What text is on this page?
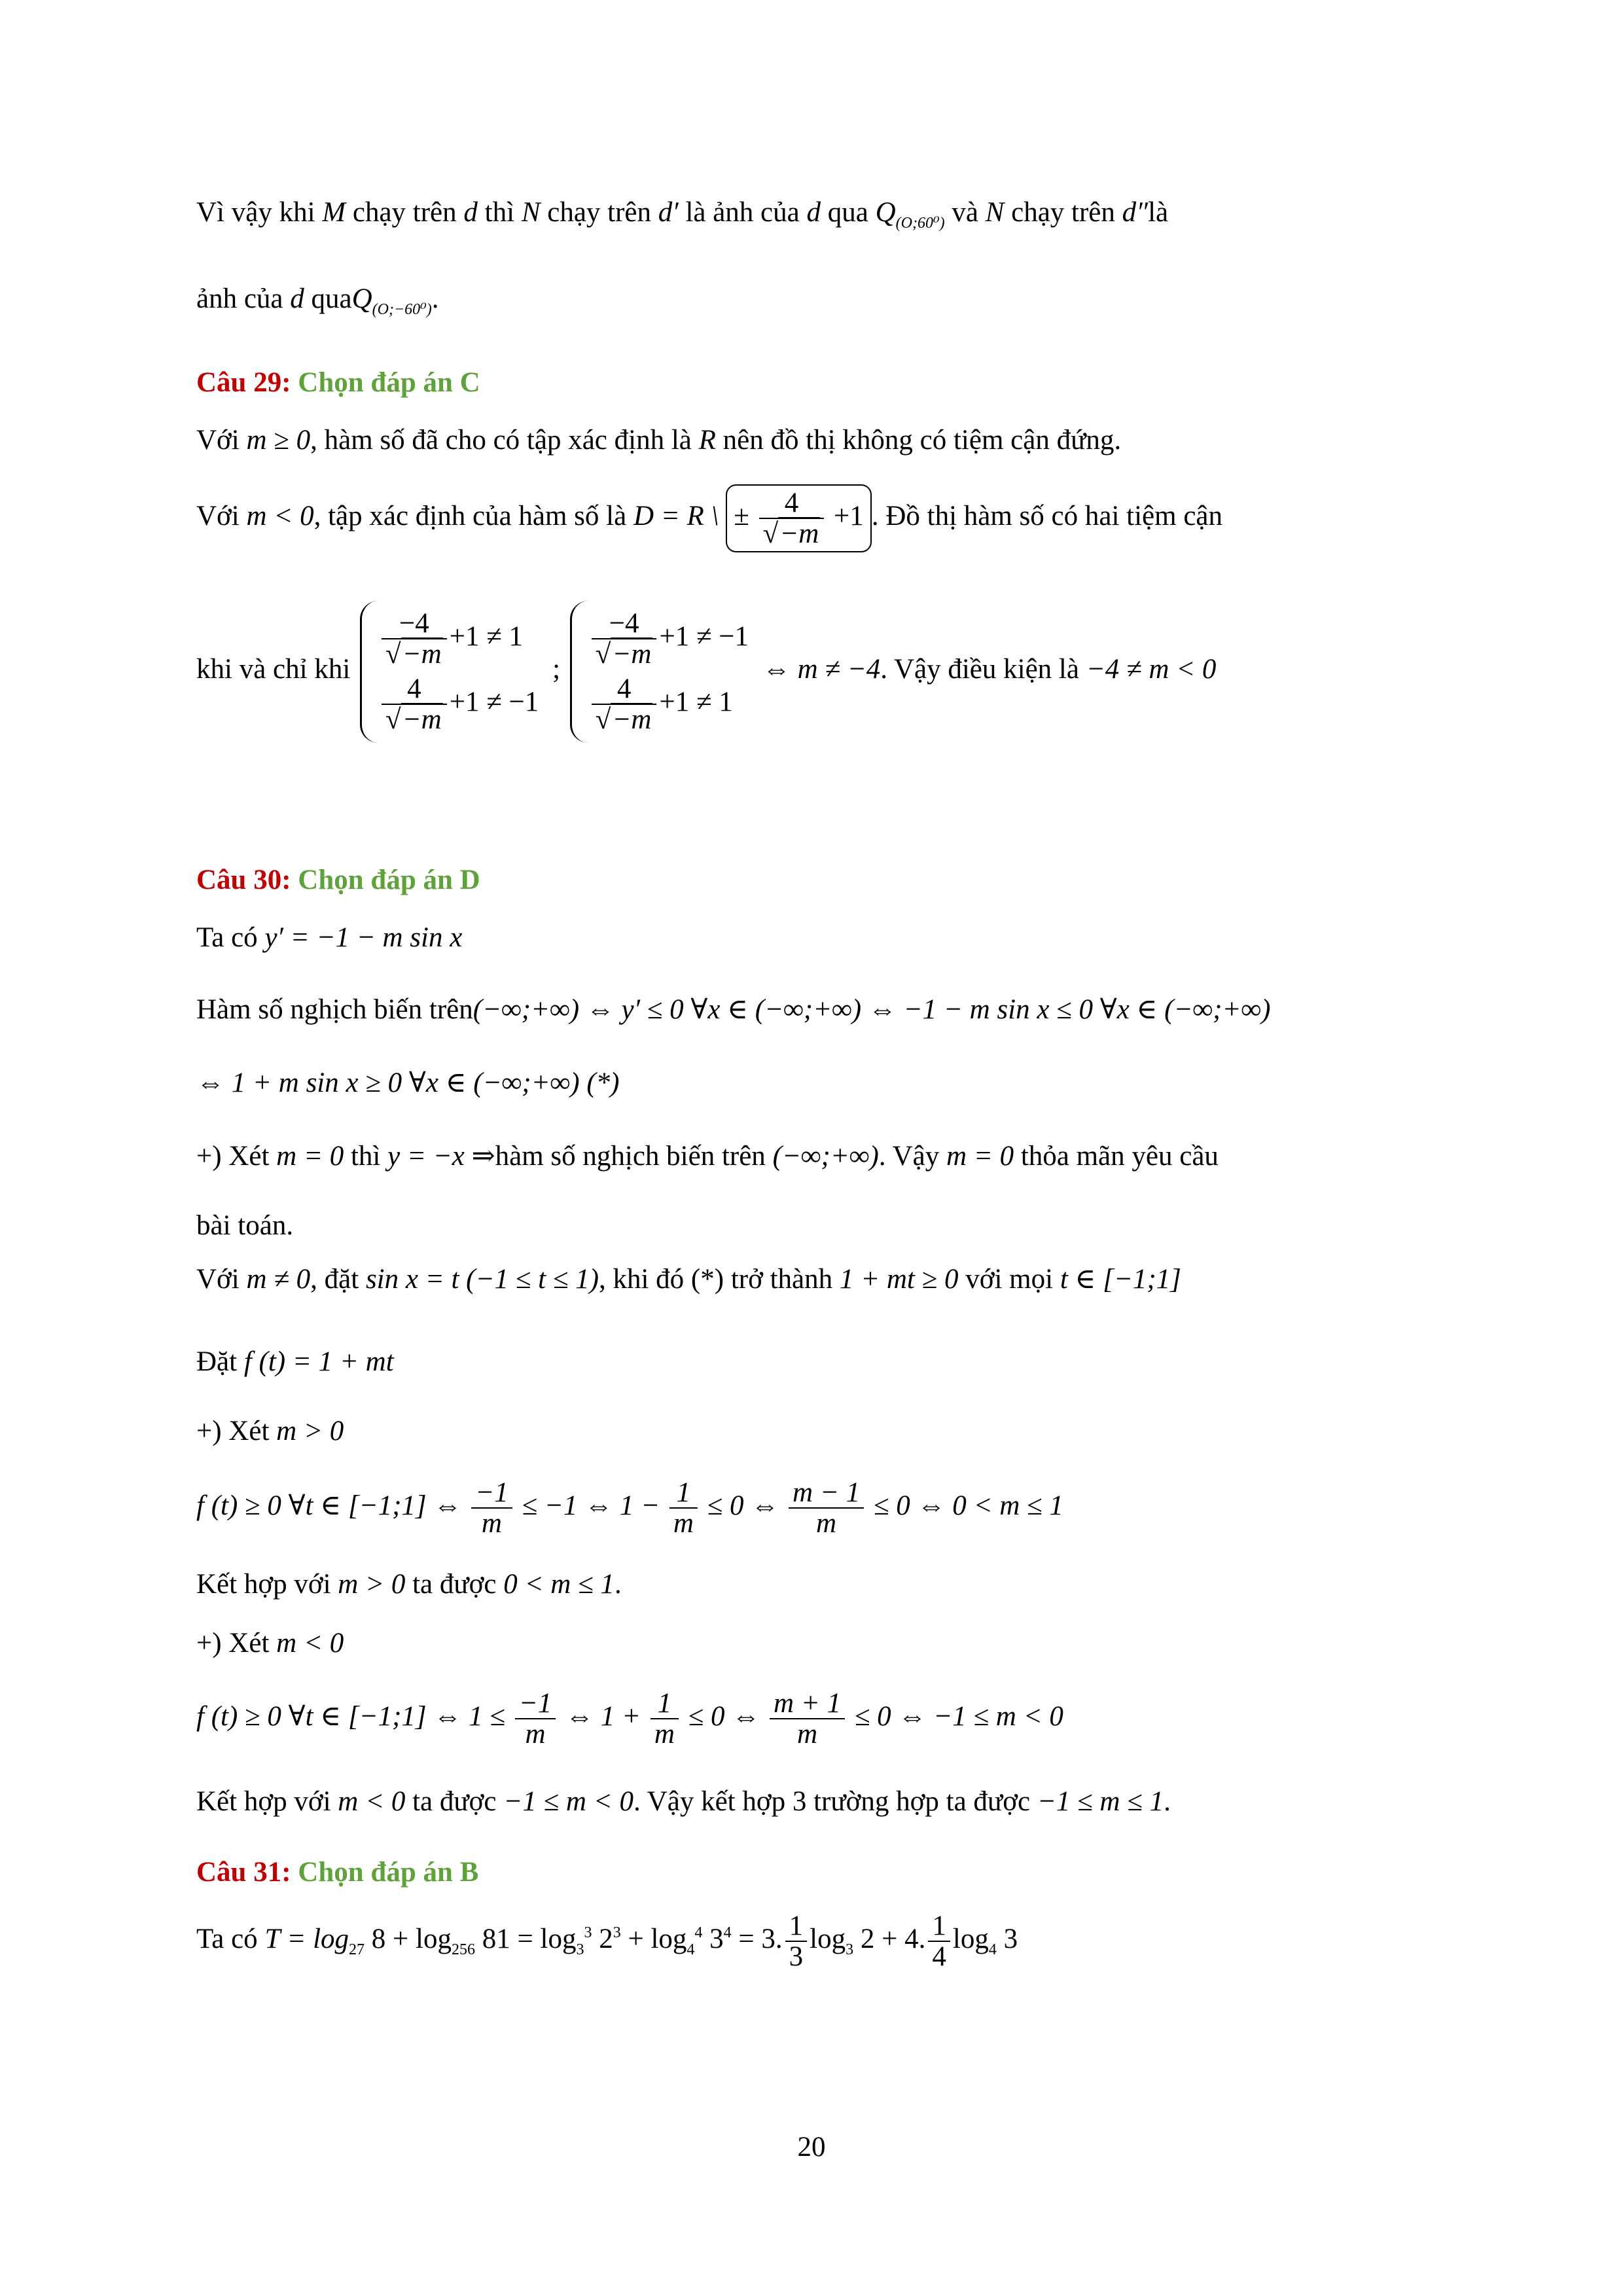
Vì vậy khi M chạy trên d thì N chạy trên d′ là ảnh của d qua $Q_{(O;60^0)}$ và N chạy trên d″là
ảnh của d quaQ$_{(O;-60^0)}$.
Câu 29: Chọn đáp án C
Với m ≥ 0, hàm số đã cho có tập xác định là R nên đồ thị không có tiệm cận đứng.
Với m < 0, tập xác định của hàm số là D = R \ ± $\frac{4}{√-m} +1$ . Đồ thị hàm số có hai tiệm cận
khi và chỉ khi
$\frac{-4}{√-m} +1 \ne 1$
$\frac{4}{√-m} +1 \ne -1$
;
$\frac{-4}{√-m} +1 \ne -1$
$\frac{4}{√-m} +1 \ne 1$
⇔ m ≠ −4. Vậy điều kiện là −4 ≠ m < 0
Câu 30: Chọn đáp án D
Ta có y′ = −1 − m sin x
Hàm số nghịch biến trên(−∞;+∞) ⇔ y′ ≤ 0 ∀x ∈ (−∞;+∞) ⇔ −1 − m sin x ≤ 0 ∀x ∈ (−∞;+∞)
⇔ 1 + m sin x ≥ 0 ∀x ∈ (−∞;+∞) (*)
+) Xét m = 0 thì y = −x ⇒hàm số nghịch biến trên (−∞;+∞). Vậy m = 0 thỏa mãn yêu cầu
bài toán.
Với m ≠ 0, đặt sin x = t (−1 ≤ t ≤ 1), khi đó (*) trở thành 1 + mt ≥ 0 với mọi t ∈ [−1;1]
Đặt f (t) = 1 + mt
+) Xét m > 0
f (t) ≥ 0 ∀t ∈ [−1;1] ⇔ $\frac{-1}{m} \le -1$ ⇔ $1 - \frac{1}{m} \le 0$ ⇔ $\frac{m - 1}{m} \le 0$ ⇔ 0 < m ≤ 1
Kết hợp với m > 0 ta được 0 < m ≤ 1.
+) Xét m < 0
f (t) ≥ 0 ∀t ∈ [−1;1] ⇔ $1 \le \frac{-1}{m}$ ⇔ $1 + \frac{1}{m} \le 0$ ⇔ $\frac{m + 1}{m} \le 0$ ⇔ −1 ≤ m < 0
Kết hợp với m < 0 ta được −1 ≤ m < 0. Vậy kết hợp 3 trường hợp ta được −1 ≤ m ≤ 1.
Câu 31: Chọn đáp án B
Ta có $T = \log_{27} 8 + \log_{256} 81 = \log_3^3 2^3 + \log_4^4 3^4 = 3$. $\frac{1}{3} \log_3 2 + 4$. $\frac{1}{4} \log_4 3$
20
